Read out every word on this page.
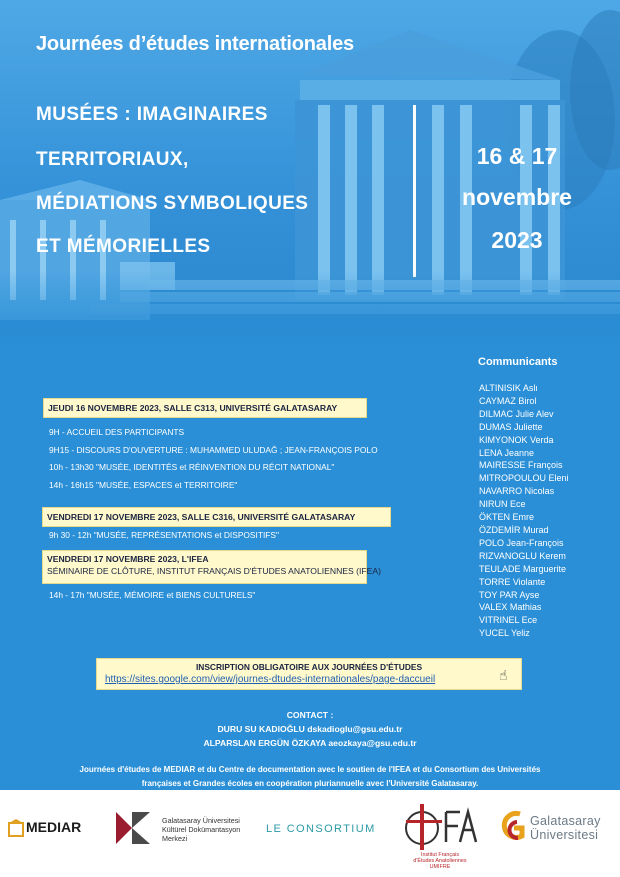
Journées d’études internationales

MUSÉES : IMAGINAIRES

TERRITORIAUX,

MÉDIATIONS SYMBOLIQUES

ET MÉMORIELLES

16 & 17

novembre

2023

Communicants
ALTINISIK Aslı
CAYMAZ Birol
DILMAC Julie Alev
DUMAS Juliette
KIMYONOK Verda
LENA Jeanne
MAIRESSE François
MITROPOULOU Eleni
NAVARRO Nicolas
NIRUN Ece
ÖKTEN Emre
ÖZDEMİR Murad
POLO Jean-François
RIZVANOGLU Kerem
TEULADE Marguerite
TORRE Violante
TOY PAR Ayse
VALEX Mathias
VITRINEL Ece
YUCEL Yeliz
JEUDI 16 NOVEMBRE 2023, SALLE C313, UNIVERSITÉ GALATASARAY
9H - ACCUEIL DES PARTICIPANTS
9H15 - DISCOURS D'OUVERTURE : MUHAMMED ULUDAĞ ; JEAN-FRANÇOIS POLO
10h - 13h30 "MUSÉE, IDENTITÉS et RÉINVENTION DU RÉCIT NATIONAL"
14h - 16h15 "MUSÉE, ESPACES et TERRITOIRE"
VENDREDI 17 NOVEMBRE 2023, SALLE C316, UNIVERSITÉ GALATASARAY
9h 30 - 12h "MUSÉE, REPRÉSENTATIONS et DISPOSITIFS"
VENDREDI 17 NOVEMBRE 2023, L'IFEA
SÉMINAIRE DE CLÔTURE, INSTITUT FRANÇAIS D'ÉTUDES ANATOLIENNES (IFEA)
14h - 17h "MUSÉE, MÉMOIRE et BIENS CULTURELS"
INSCRIPTION OBLIGATOIRE AUX JOURNÉES D'ÉTUDES
https://sites.google.com/view/journes-dtudes-internationales/page-daccueil	☝
CONTACT :
DURU SU KADIOĞLU dskadioglu@gsu.edu.tr
ALPARSLAN ERGÜN ÖZKAYA aeozkaya@gsu.edu.tr
Journées d'études de MEDIAR et du Centre de documentation avec le soutien de l'IFEA et du Consortium des Universités
françaises et Grandes écoles en coopération pluriannuelle avec l'Université Galatasaray.
MEDIAR	Galatasaray Üniversitesi
Kültürel Dokümantasyon
Merkezi
LE CONSORTIUM
Institut Français
d'Études Anatoliennes
UMIFRE
Galatasaray
Üniversitesi
